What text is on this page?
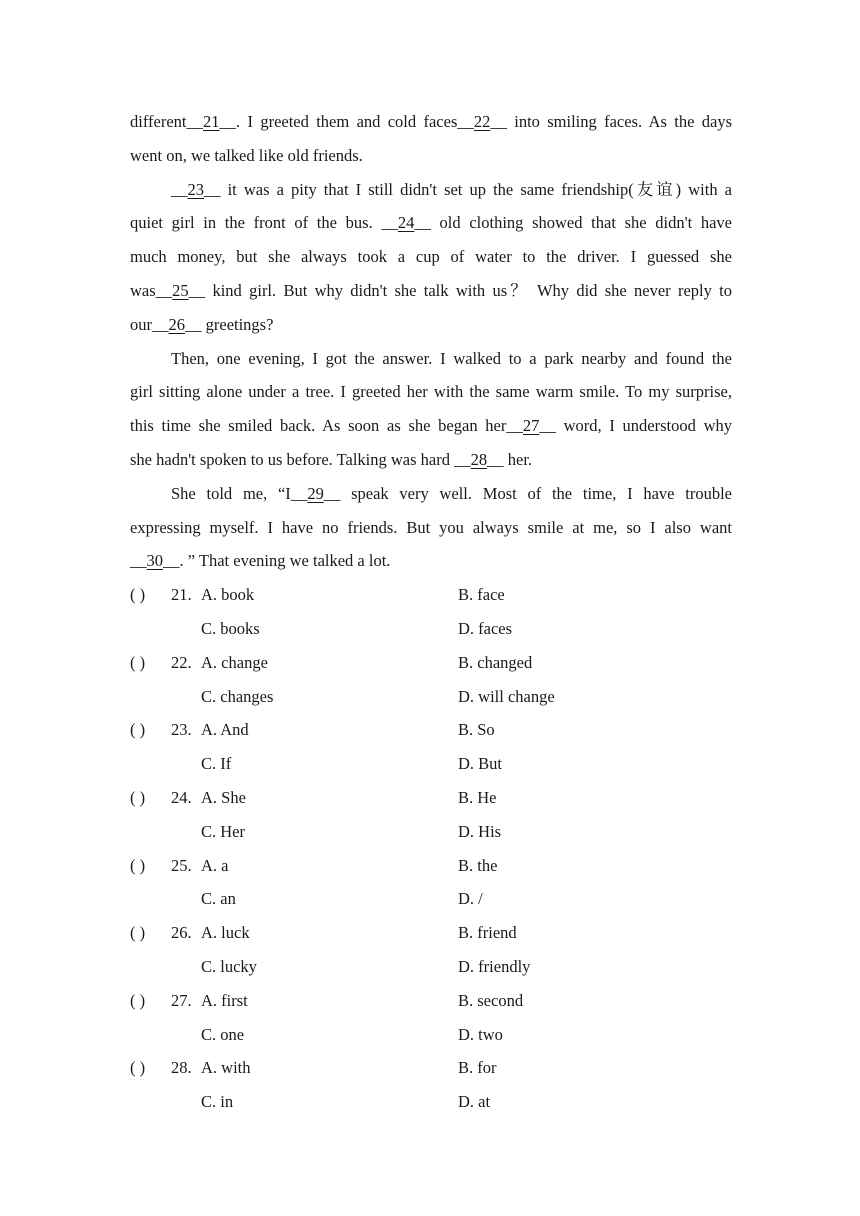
different__21__. I greeted them and cold faces__22__ into smiling faces. As the days
went on, we talked like old friends.
__23__ it was a pity that I still didn't set up the same friendship(友谊) with a
quiet girl in the front of the bus. __24__ old clothing showed that she didn't have
much money, but she always took a cup of water to the driver. I guessed she
was__25__ kind girl. But why didn't she talk with us？ Why did she never reply to
our__26__ greetings?
Then, one evening, I got the answer. I walked to a park nearby and found the
girl sitting alone under a tree. I greeted her with the same warm smile. To my surprise,
this time she smiled back. As soon as she began her__27__ word, I understood why
she hadn't spoken to us before. Talking was hard __28__ her.
She told me, “I__29__ speak very well. Most of the time, I have trouble
expressing myself. I have no friends. But you always smile at me, so I also want
__30__. ” That evening we talked a lot.
( ) 21. A. book	B. face
C. books	D. faces
( ) 22. A. change	B. changed
C. changes	D. will change
( ) 23. A. And	B. So
C. If	D. But
( ) 24. A. She	B. He
C. Her	D. His
( ) 25. A. a	B. the
C. an	D. /
( ) 26. A. luck	B. friend
C. lucky	D. friendly
( ) 27. A. first	B. second
C. one	D. two
( ) 28. A. with	B. for
C. in	D. at
